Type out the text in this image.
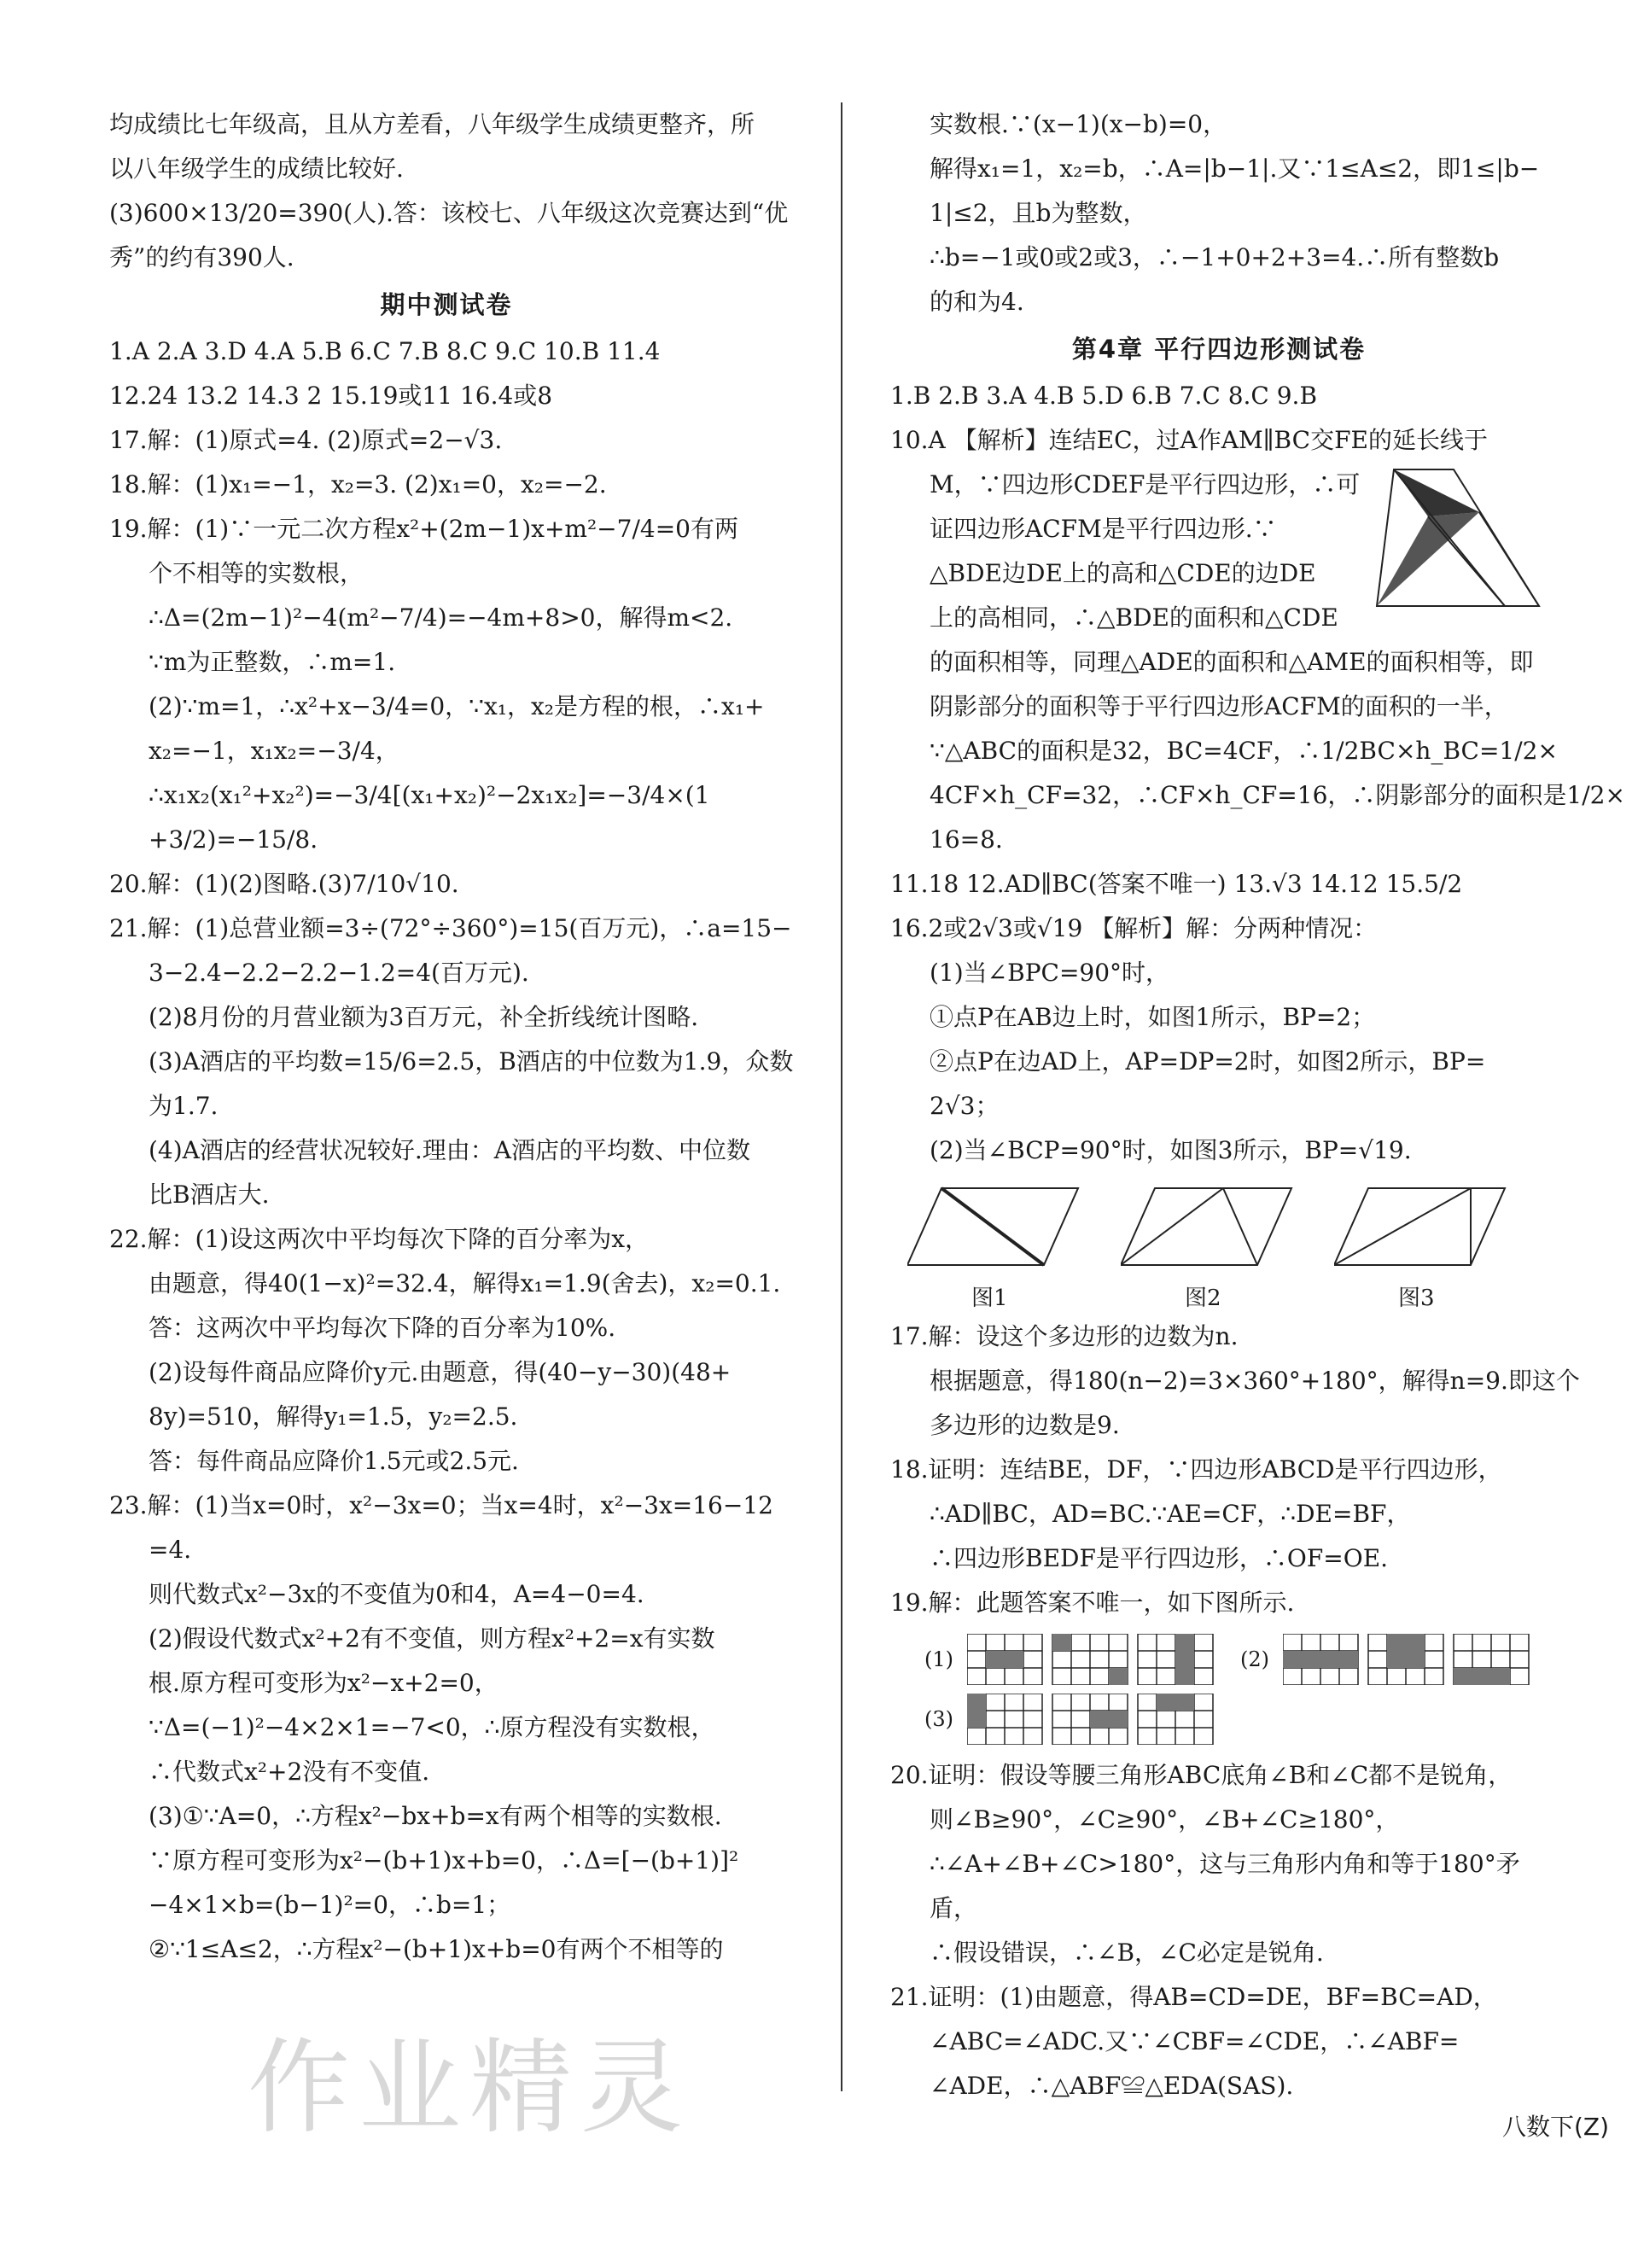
均成绩比七年级高，且从方差看，八年级学生成绩更整齐，所
以八年级学生的成绩比较好.
(3)600×13/20=390(人).答：该校七、八年级这次竞赛达到“优
秀”的约有390人.
期中测试卷
1.A 2.A 3.D 4.A 5.B 6.C 7.B 8.C 9.C 10.B 11.4
12.24 13.2 14.3 2 15.19或11 16.4或8
17.解：(1)原式=4. (2)原式=2−√3.
18.解：(1)x₁=−1，x₂=3. (2)x₁=0，x₂=−2.
19.解：(1)∵一元二次方程x²+(2m−1)x+m²−7/4=0有两
个不相等的实数根，
∴Δ=(2m−1)²−4(m²−7/4)=−4m+8>0，解得m<2.
∵m为正整数，∴m=1.
(2)∵m=1，∴x²+x−3/4=0，∵x₁，x₂是方程的根，∴x₁+
x₂=−1，x₁x₂=−3/4，
∴x₁x₂(x₁²+x₂²)=−3/4[(x₁+x₂)²−2x₁x₂]=−3/4×(1
+3/2)=−15/8.
20.解：(1)(2)图略.(3)7/10√10.
21.解：(1)总营业额=3÷(72°÷360°)=15(百万元)，∴a=15−
3−2.4−2.2−2.2−1.2=4(百万元).
(2)8月份的月营业额为3百万元，补全折线统计图略.
(3)A酒店的平均数=15/6=2.5，B酒店的中位数为1.9，众数
为1.7.
(4)A酒店的经营状况较好.理由：A酒店的平均数、中位数
比B酒店大.
22.解：(1)设这两次中平均每次下降的百分率为x，
由题意，得40(1−x)²=32.4，解得x₁=1.9(舍去)，x₂=0.1.
答：这两次中平均每次下降的百分率为10%.
(2)设每件商品应降价y元.由题意，得(40−y−30)(48+
8y)=510，解得y₁=1.5，y₂=2.5.
答：每件商品应降价1.5元或2.5元.
23.解：(1)当x=0时，x²−3x=0；当x=4时，x²−3x=16−12
=4.
则代数式x²−3x的不变值为0和4，A=4−0=4.
(2)假设代数式x²+2有不变值，则方程x²+2=x有实数
根.原方程可变形为x²−x+2=0，
∵Δ=(−1)²−4×2×1=−7<0，∴原方程没有实数根，
∴代数式x²+2没有不变值.
(3)①∵A=0，∴方程x²−bx+b=x有两个相等的实数根.
∵原方程可变形为x²−(b+1)x+b=0，∴Δ=[−(b+1)]²
−4×1×b=(b−1)²=0，∴b=1；
②∵1≤A≤2，∴方程x²−(b+1)x+b=0有两个不相等的
实数根.∵(x−1)(x−b)=0，
解得x₁=1，x₂=b，∴A=|b−1|.又∵1≤A≤2，即1≤|b−
1|≤2，且b为整数，
∴b=−1或0或2或3，∴−1+0+2+3=4.∴所有整数b
的和为4.
第4章 平行四边形测试卷
1.B 2.B 3.A 4.B 5.D 6.B 7.C 8.C 9.B
10.A 【解析】连结EC，过A作AM∥BC交FE的延长线于
M，∵四边形CDEF是平行四边形，∴可
证四边形ACFM是平行四边形.∵
△BDE边DE上的高和△CDE的边DE
上的高相同，∴△BDE的面积和△CDE
的面积相等，同理△ADE的面积和△AME的面积相等，即
阴影部分的面积等于平行四边形ACFM的面积的一半，
∵△ABC的面积是32，BC=4CF，∴1/2BC×h_BC=1/2×
4CF×h_CF=32，∴CF×h_CF=16，∴阴影部分的面积是1/2×
16=8.
11.18 12.AD∥BC(答案不唯一) 13.√3 14.12 15.5/2
16.2或2√3或√19 【解析】解：分两种情况：
(1)当∠BPC=90°时，
①点P在AB边上时，如图1所示，BP=2；
②点P在边AD上，AP=DP=2时，如图2所示，BP=
2√3；
(2)当∠BCP=90°时，如图3所示，BP=√19.
图1	图2	图3
17.解：设这个多边形的边数为n.
根据题意，得180(n−2)=3×360°+180°，解得n=9.即这个
多边形的边数是9.
18.证明：连结BE，DF，∵四边形ABCD是平行四边形，
∴AD∥BC，AD=BC.∵AE=CF，∴DE=BF，
∴四边形BEDF是平行四边形，∴OF=OE.
19.解：此题答案不唯一，如下图所示.
(1)	(2)
(3)
20.证明：假设等腰三角形ABC底角∠B和∠C都不是锐角，
则∠B≥90°，∠C≥90°，∠B+∠C≥180°，
∴∠A+∠B+∠C>180°，这与三角形内角和等于180°矛
盾，
∴假设错误，∴∠B，∠C必定是锐角.
21.证明：(1)由题意，得AB=CD=DE，BF=BC=AD，
∠ABC=∠ADC.又∵∠CBF=∠CDE，∴∠ABF=
∠ADE，∴△ABF≌△EDA(SAS).
作业精灵	八数下(Z)
